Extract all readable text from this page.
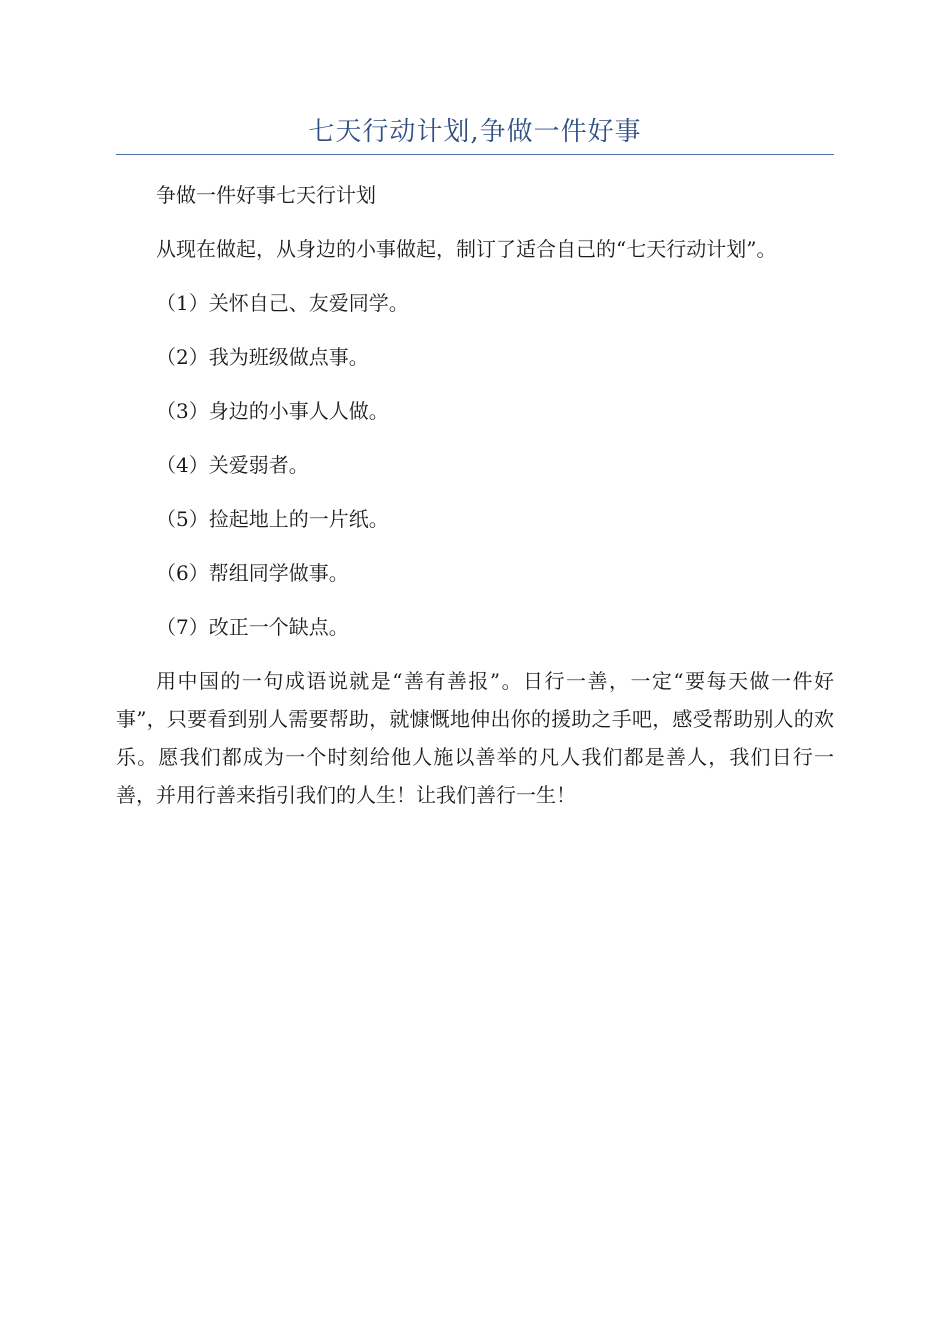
七天行动计划,争做一件好事

争做一件好事七天行计划

从现在做起，从身边的小事做起，制订了适合自己的“七天行动计划”。

（1）关怀自己、友爱同学。

（2）我为班级做点事。

（3）身边的小事人人做。

（4）关爱弱者。

（5）捡起地上的一片纸。

（6）帮组同学做事。

（7）改正一个缺点。

用中国的一句成语说就是“善有善报”。日行一善，一定“要每天做一件好事”，只要看到别人需要帮助，就慷慨地伸出你的援助之手吧，感受帮助别人的欢乐。愿我们都成为一个时刻给他人施以善举的凡人我们都是善人，我们日行一善，并用行善来指引我们的人生！让我们善行一生！
